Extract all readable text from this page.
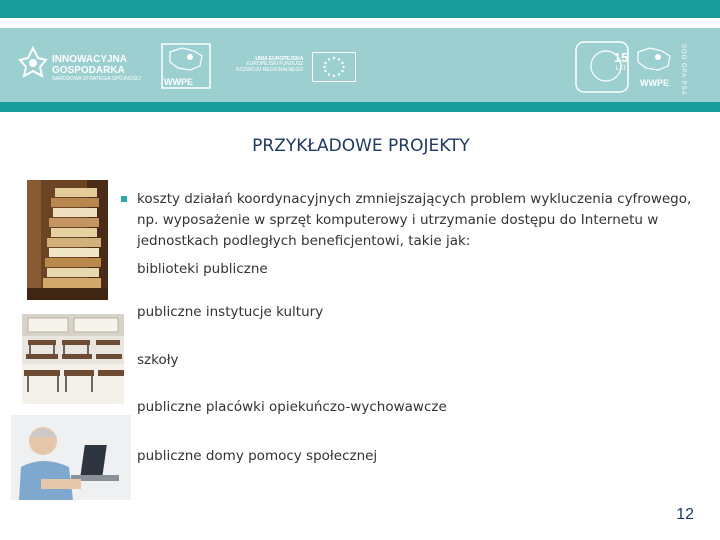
INNOWACYJNA
GOSPODARKA
NARODOWA STRATEGIA SPÓJNOŚCI	WWPE
UNIA EUROPEJSKA
EUROPEJSKI FUNDUSZ
ROZWOJU REGIONALNEGO
15
LAT
WWPE SOO OPA PSA
PRZYKŁADOWE PROJEKTY
koszty działań koordynacyjnych zmniejszających problem wykluczenia cyfrowego, np. wyposażenie w sprzęt komputerowy i utrzymanie dostępu do Internetu w jednostkach podległych beneficjentowi, takie jak:
biblioteki publiczne
publiczne instytucje kultury
szkoły
publiczne placówki opiekuńczo-wychowawcze
publiczne domy pomocy społecznej
12
